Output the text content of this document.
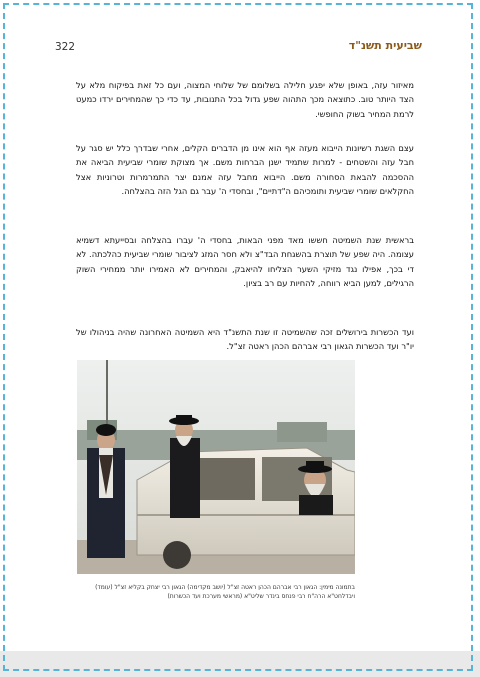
322	שביעית תשנ"ד
מאיזור עזה, באופן שלא יפגע חלילה בשלומם של שלוחי המצוה, ועם כל זאת בפיקוח מלא על הצד היותר טוב. כתוצאה מכך התהוה שפע גדול בכל התנובות, עד כדי כך שהמחירים ירדו כמעט לרמת המחיר בשוק החופשי.
עצם השגת רשיונות הייבוא מעזה אף הוא אינו מן הדברים הקלים, אחרי שבדרך כלל יש סגר על חבל עזה והשטחים - למרות שתמיד ישנן הברחות משם. אך מצוקת שומרי שביעית הביאה את ההסכמה להבאת הסחורה משם. הייבוא מחבל עזה אמנם יצר התמרמרות וטרוניות אצל החקלאים שומרי שביעית ותומכיהם ה"דתיים", ובחסדי ה' עבר גם הגל הזה בהצלחה.
בראשית שנת השמיטה חששו מאד מפני הבאות, בחסדי ה' עברו בהצלחה ובסייעתא דשמיא עצומה. היה שפע של תוצרת בהשגחת הבד"צ ולא חסר המזג לציבור שומרי שביעית כהלכתה. לא די בכך, אפילו נגד מזיקי השער הצליחו להיאבק, והמחירים לא האמירו יותר ממחירי השוק הרגילים, למען הביא רווחה, להחיות עם רב בציון.
ועד הכשרות בירושלים זכה שהשמיטה זו שנת התשנ"ד היא השמיטה האחרונה שהיה בניהולו של יו"ר ועד הכשרות הגאון רבי אברהם הכהן ראטה זצ"ל.
בתמונה מימין: הגאון רבי אברהם הכהן ראטה זצ"ל (יושב מקדימה) הגאון רבי יצחק בקליא זצ"ל (עומד) ויבדלחט"א הרה"ח רבי פנחס בינדר שליט"א (מראשי מערכת ועד הכשרות)
